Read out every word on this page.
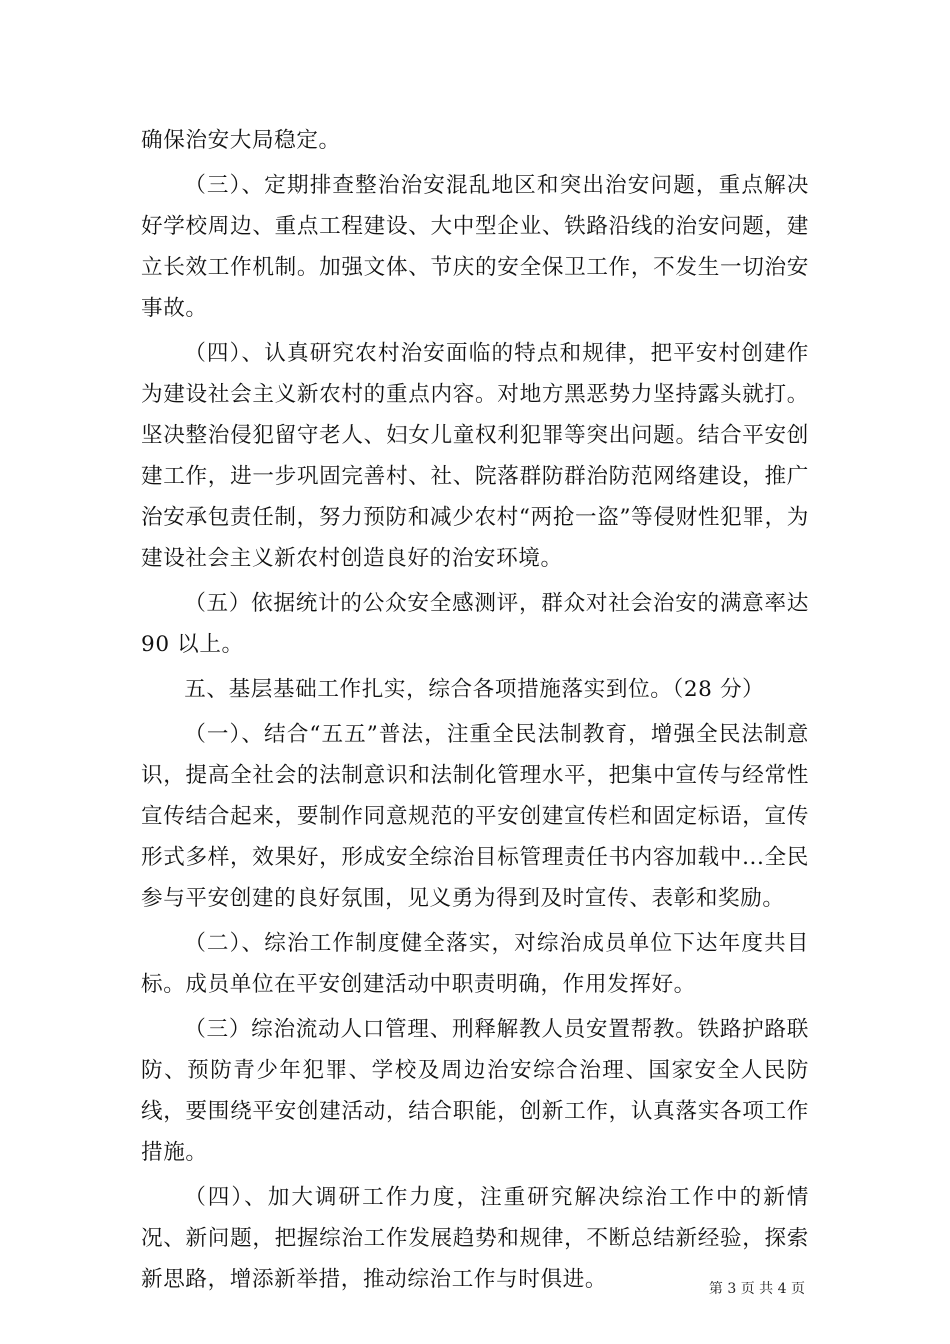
确保治安大局稳定。

（三）、定期排查整治治安混乱地区和突出治安问题，重点解决好学校周边、重点工程建设、大中型企业、铁路沿线的治安问题，建立长效工作机制。加强文体、节庆的安全保卫工作，不发生一切治安事故。

（四）、认真研究农村治安面临的特点和规律，把平安村创建作为建设社会主义新农村的重点内容。对地方黑恶势力坚持露头就打。坚决整治侵犯留守老人、妇女儿童权利犯罪等突出问题。结合平安创建工作，进一步巩固完善村、社、院落群防群治防范网络建设，推广治安承包责任制，努力预防和减少农村“两抢一盗”等侵财性犯罪，为建设社会主义新农村创造良好的治安环境。

（五）依据统计的公众安全感测评，群众对社会治安的满意率达 90 以上。

五、基层基础工作扎实，综合各项措施落实到位。（28 分）

（一）、结合“五五”普法，注重全民法制教育，增强全民法制意识，提高全社会的法制意识和法制化管理水平，把集中宣传与经常性宣传结合起来，要制作同意规范的平安创建宣传栏和固定标语，宣传形式多样，效果好，形成安全综治目标管理责任书内容加载中...全民参与平安创建的良好氛围，见义勇为得到及时宣传、表彰和奖励。

（二）、综治工作制度健全落实，对综治成员单位下达年度共目标。成员单位在平安创建活动中职责明确，作用发挥好。

（三）综治流动人口管理、刑释解教人员安置帮教。铁路护路联防、预防青少年犯罪、学校及周边治安综合治理、国家安全人民防线，要围绕平安创建活动，结合职能，创新工作，认真落实各项工作措施。

（四）、加大调研工作力度，注重研究解决综治工作中的新情况、新问题，把握综治工作发展趋势和规律，不断总结新经验，探索新思路，增添新举措，推动综治工作与时俱进。	第 3 页 共 4 页
